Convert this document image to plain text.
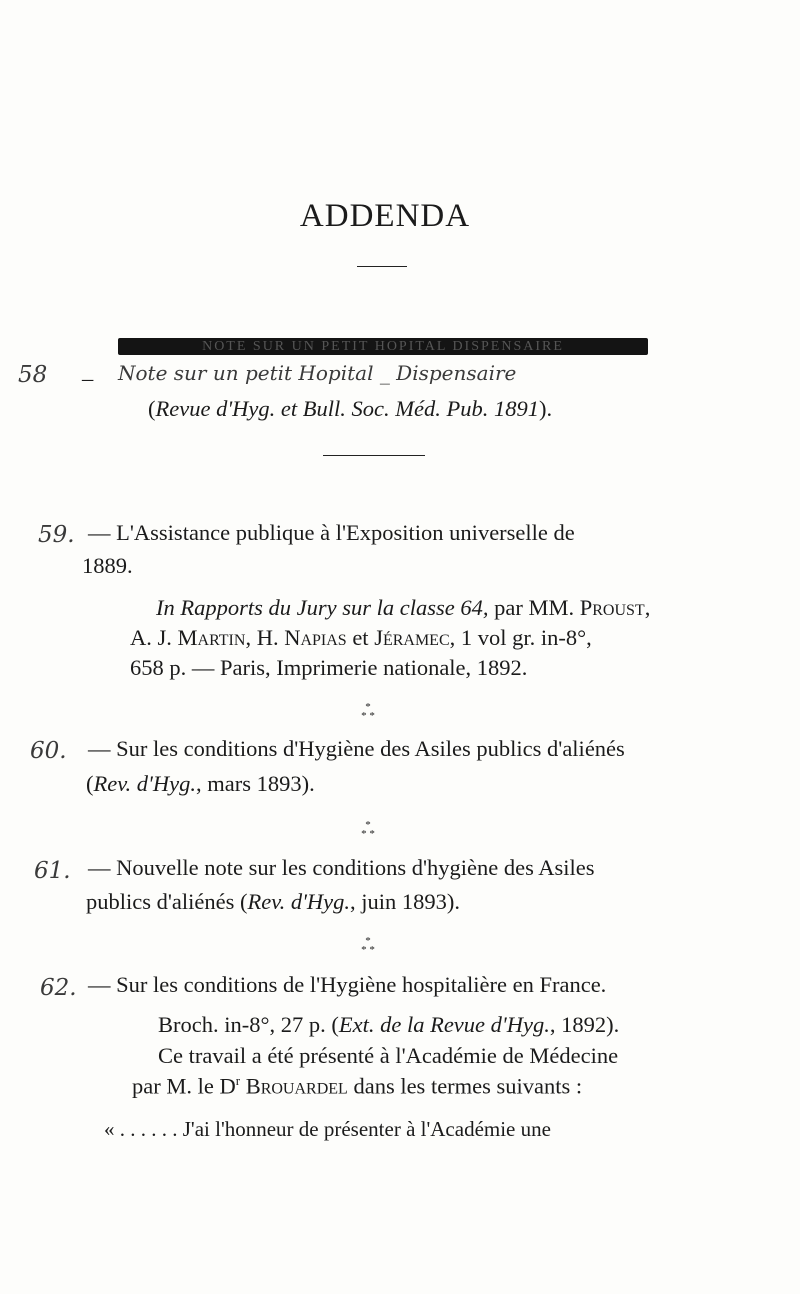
ADDENDA
NOTE SUR UN PETIT HOPITAL DISPENSAIRE
58 _ Note sur un petit Hopital _ Dispensaire
(Revue d'Hyg. et Bull. Soc. Méd. Pub. 1891).
59. — L'Assistance publique à l'Exposition universelle de
1889.
In Rapports du Jury sur la classe 64, par MM. Proust,
A. J. Martin, H. Napias et Jéramec, 1 vol gr. in-8°,
658 p. — Paris, Imprimerie nationale, 1892.
*
* *
60. — Sur les conditions d'Hygiène des Asiles publics d'aliénés
(Rev. d'Hyg., mars 1893).
*
* *
61. — Nouvelle note sur les conditions d'hygiène des Asiles
publics d'aliénés (Rev. d'Hyg., juin 1893).
*
* *
62. — Sur les conditions de l'Hygiène hospitalière en France.
Broch. in-8°, 27 p. (Ext. de la Revue d'Hyg., 1892).
Ce travail a été présenté à l'Académie de Médecine
par M. le $D^r$ Brouardel dans les termes suivants :
« . . . . . . J'ai l'honneur de présenter à l'Académie une
